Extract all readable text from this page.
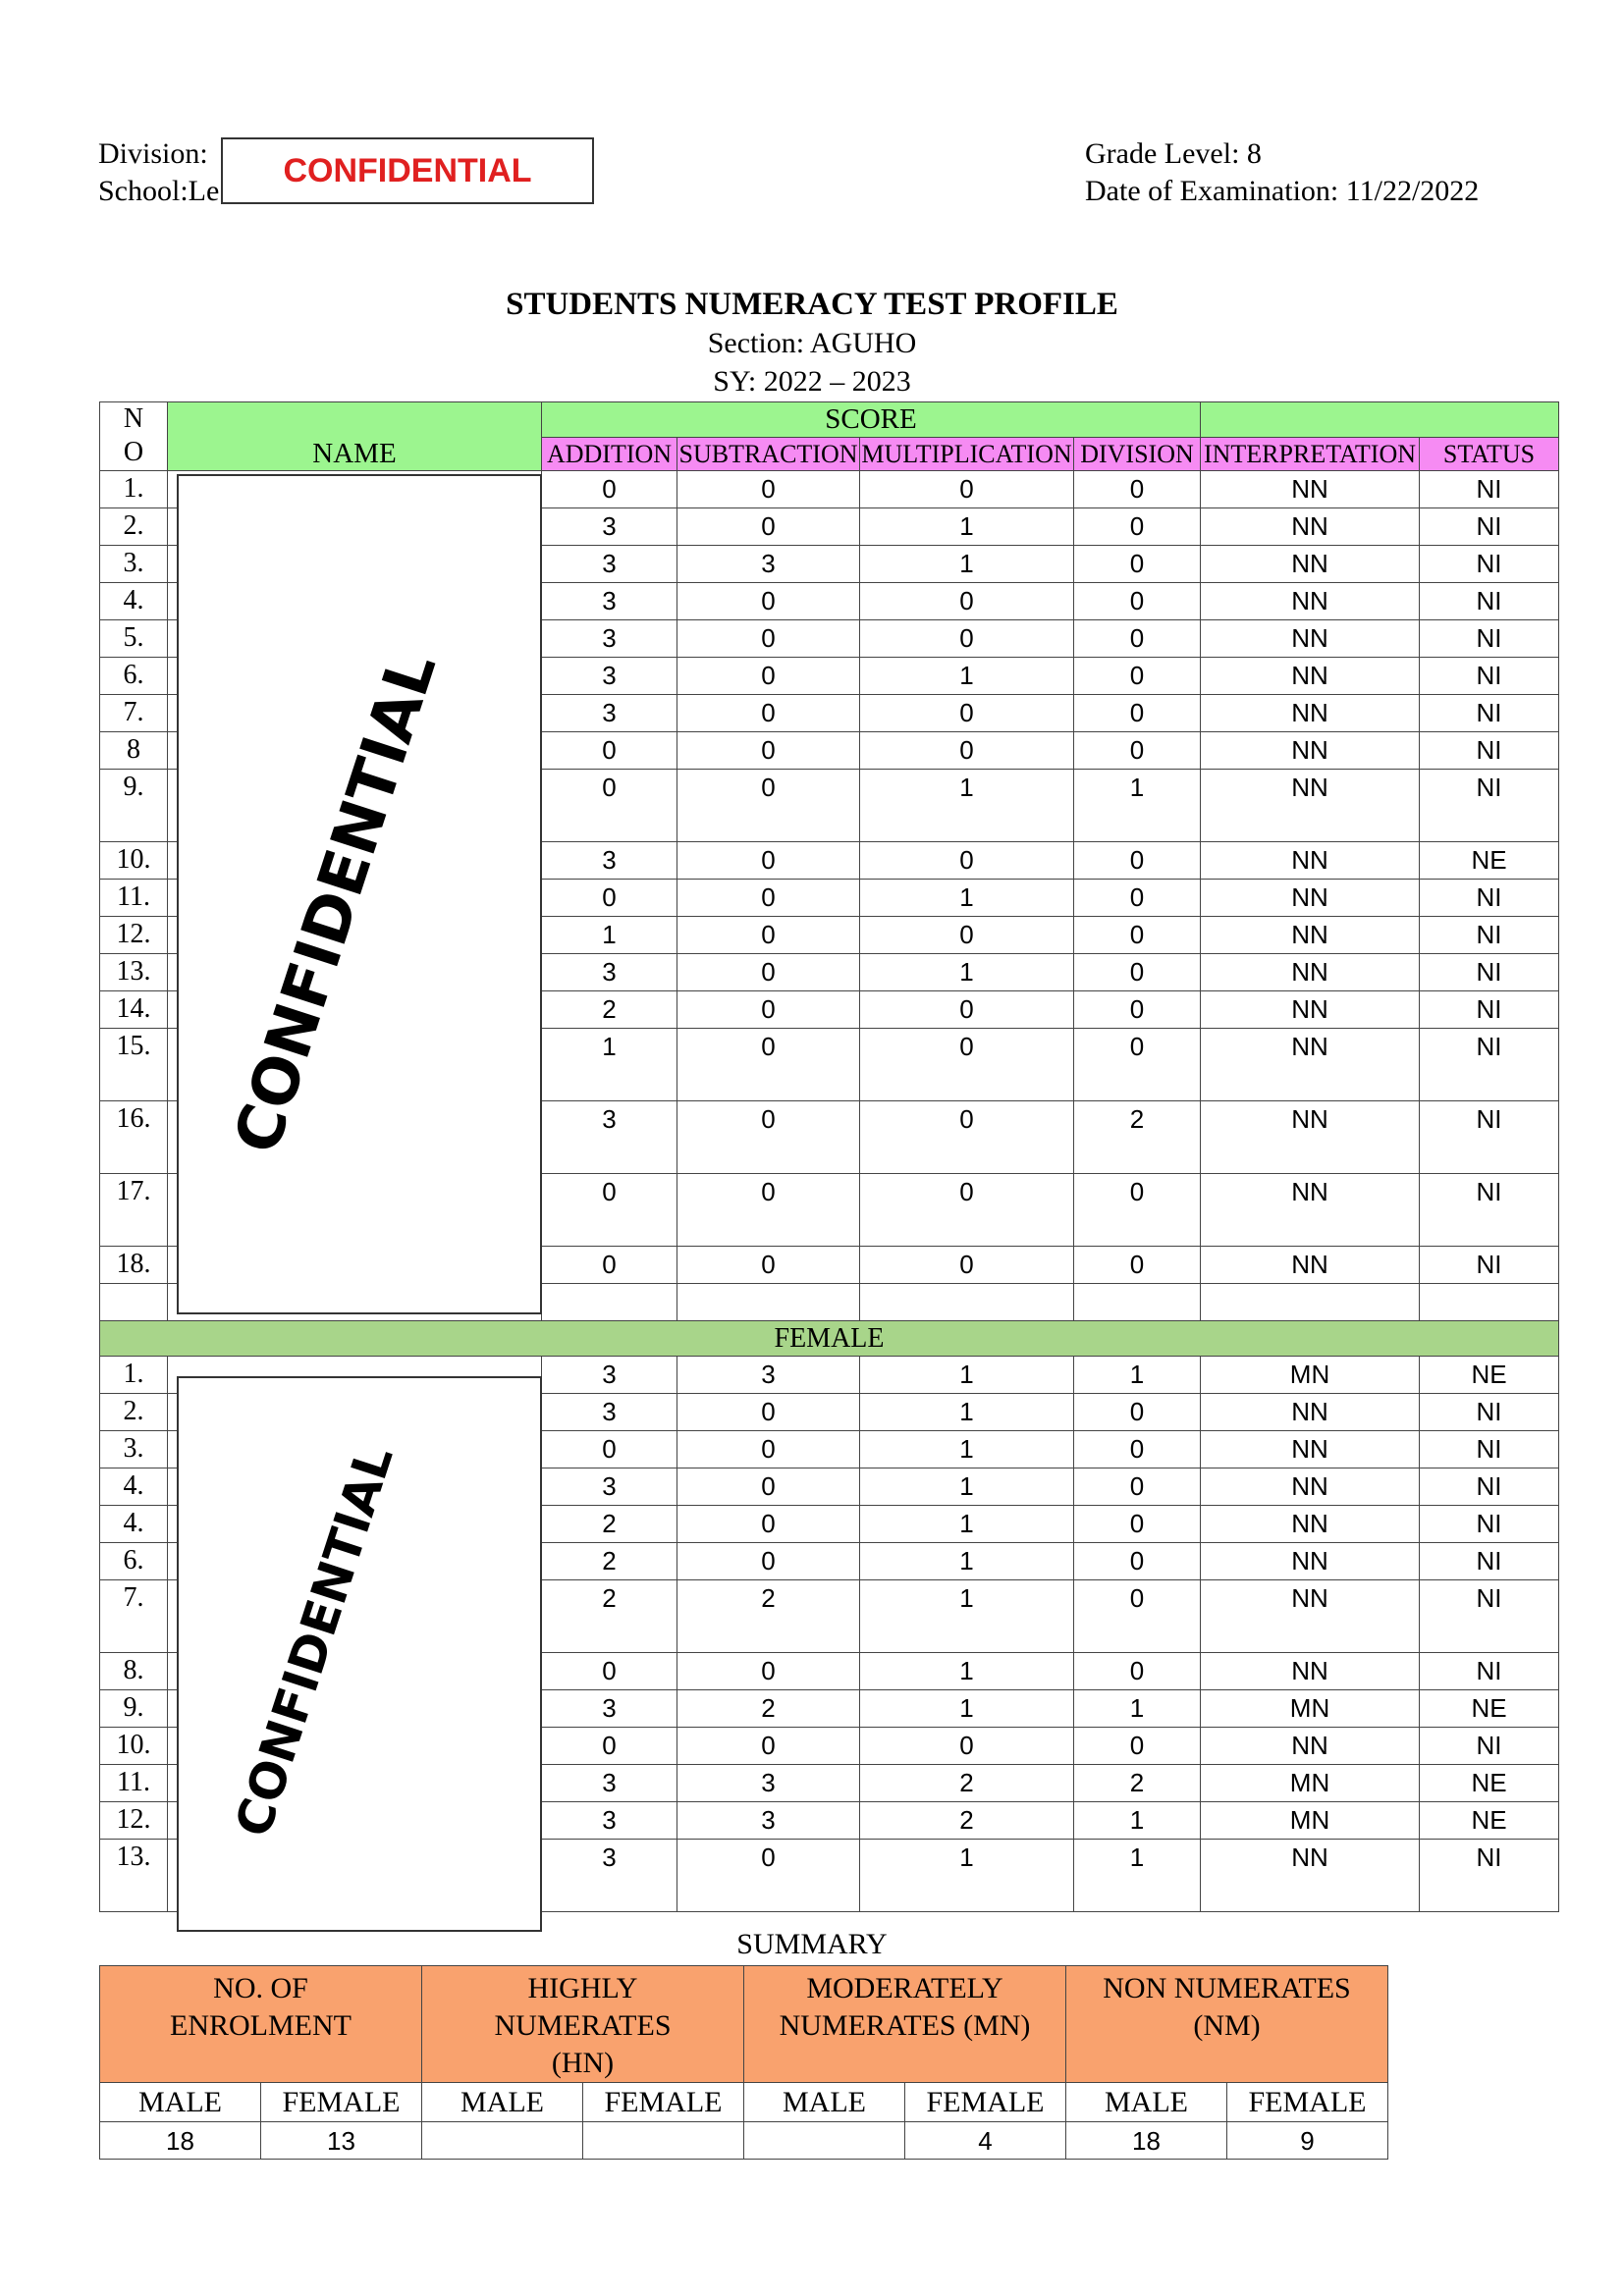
Division:
School:Le
CONFIDENTIAL	Grade Level: 8
Date of Examination: 11/22/2022
STUDENTS NUMERACY TEST PROFILE
Section: AGUHO
SY: 2022 – 2023
N
O	NAME	SCORE					
		ADDITION	SUBTRACTION	MULTIPLICATION	DIVISION	INTERPRETATION	STATUS
1.		0	0	0	0	NN	NI
2.		3	0	1	0	NN	NI
3.		3	3	1	0	NN	NI
4.		3	0	0	0	NN	NI
5.		3	0	0	0	NN	NI
6.		3	0	1	0	NN	NI
7.		3	0	0	0	NN	NI
8		0	0	0	0	NN	NI
9.		0	0	1	1	NN	NI
10.		3	0	0	0	NN	NE
11.		0	0	1	0	NN	NI
12.		1	0	0	0	NN	NI
13.		3	0	1	0	NN	NI
14.		2	0	0	0	NN	NI
15.		1	0	0	0	NN	NI
16.		3	0	0	2	NN	NI
17.		0	0	0	0	NN	NI
18.		0	0	0	0	NN	NI

FEMALE							
1.		3	3	1	1	MN	NE
2.		3	0	1	0	NN	NI
3.		0	0	1	0	NN	NI
4.		3	0	1	0	NN	NI
4.		2	0	1	0	NN	NI
6.		2	0	1	0	NN	NI
7.		2	2	1	0	NN	NI
8.		0	0	1	0	NN	NI
9.		3	2	1	1	MN	NE
10.		0	0	0	0	NN	NI
11.		3	3	2	2	MN	NE
12.		3	3	2	1	MN	NE
13.		3	0	1	1	NN	NI
CONFIDENTIAL
CONFIDENTIAL
SUMMARY
NO. OF ENROLMENT		HIGHLY NUMERATES (HN)		MODERATELY NUMERATES (MN)		NON NUMERATES (NM)	
MALE	FEMALE	MALE	FEMALE	MALE	FEMALE	MALE	FEMALE
18	13				4	18	9
